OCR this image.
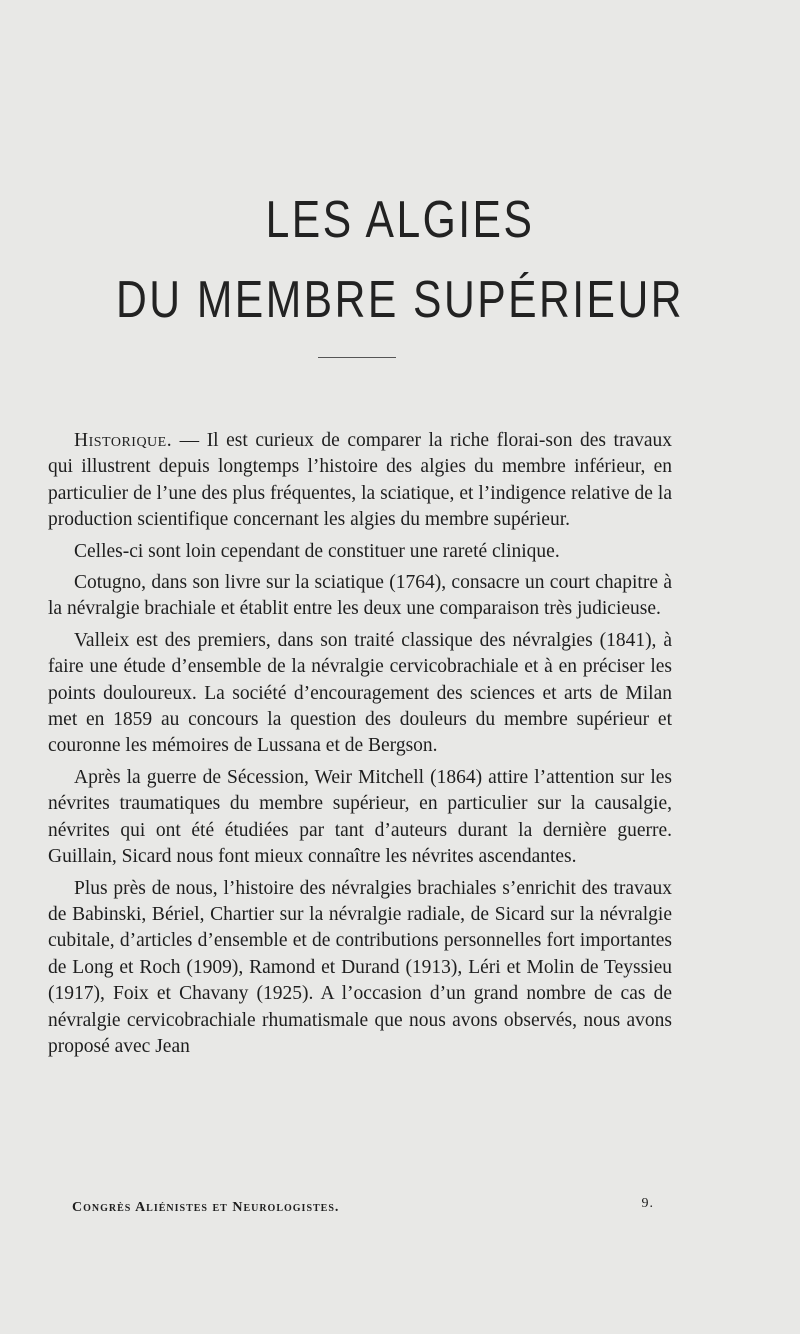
LES ALGIES
DU MEMBRE SUPÉRIEUR

Historique. — Il est curieux de comparer la riche florai-son des travaux qui illustrent depuis longtemps l’histoire des algies du membre inférieur, en particulier de l’une des plus fréquentes, la sciatique, et l’indigence relative de la production scientifique concernant les algies du membre supérieur.

Celles-ci sont loin cependant de constituer une rareté clinique.

Cotugno, dans son livre sur la sciatique (1764), consacre un court chapitre à la névralgie brachiale et établit entre les deux une comparaison très judicieuse.

Valleix est des premiers, dans son traité classique des névralgies (1841), à faire une étude d’ensemble de la névralgie cervicobrachiale et à en préciser les points douloureux. La société d’encouragement des sciences et arts de Milan met en 1859 au concours la question des douleurs du membre supérieur et couronne les mémoires de Lussana et de Bergson.

Après la guerre de Sécession, Weir Mitchell (1864) attire l’attention sur les névrites traumatiques du membre supérieur, en particulier sur la causalgie, névrites qui ont été étudiées par tant d’auteurs durant la dernière guerre. Guillain, Sicard nous font mieux connaître les névrites ascendantes.

Plus près de nous, l’histoire des névralgies brachiales s’enrichit des travaux de Babinski, Bériel, Chartier sur la névralgie radiale, de Sicard sur la névralgie cubitale, d’articles d’ensemble et de contributions personnelles fort importantes de Long et Roch (1909), Ramond et Durand (1913), Léri et Molin de Teyssieu (1917), Foix et Chavany (1925). A l’occasion d’un grand nombre de cas de névralgie cervicobrachiale rhumatismale que nous avons observés, nous avons proposé avec Jean

Congrès Aliénistes et Neurologistes.	9.
